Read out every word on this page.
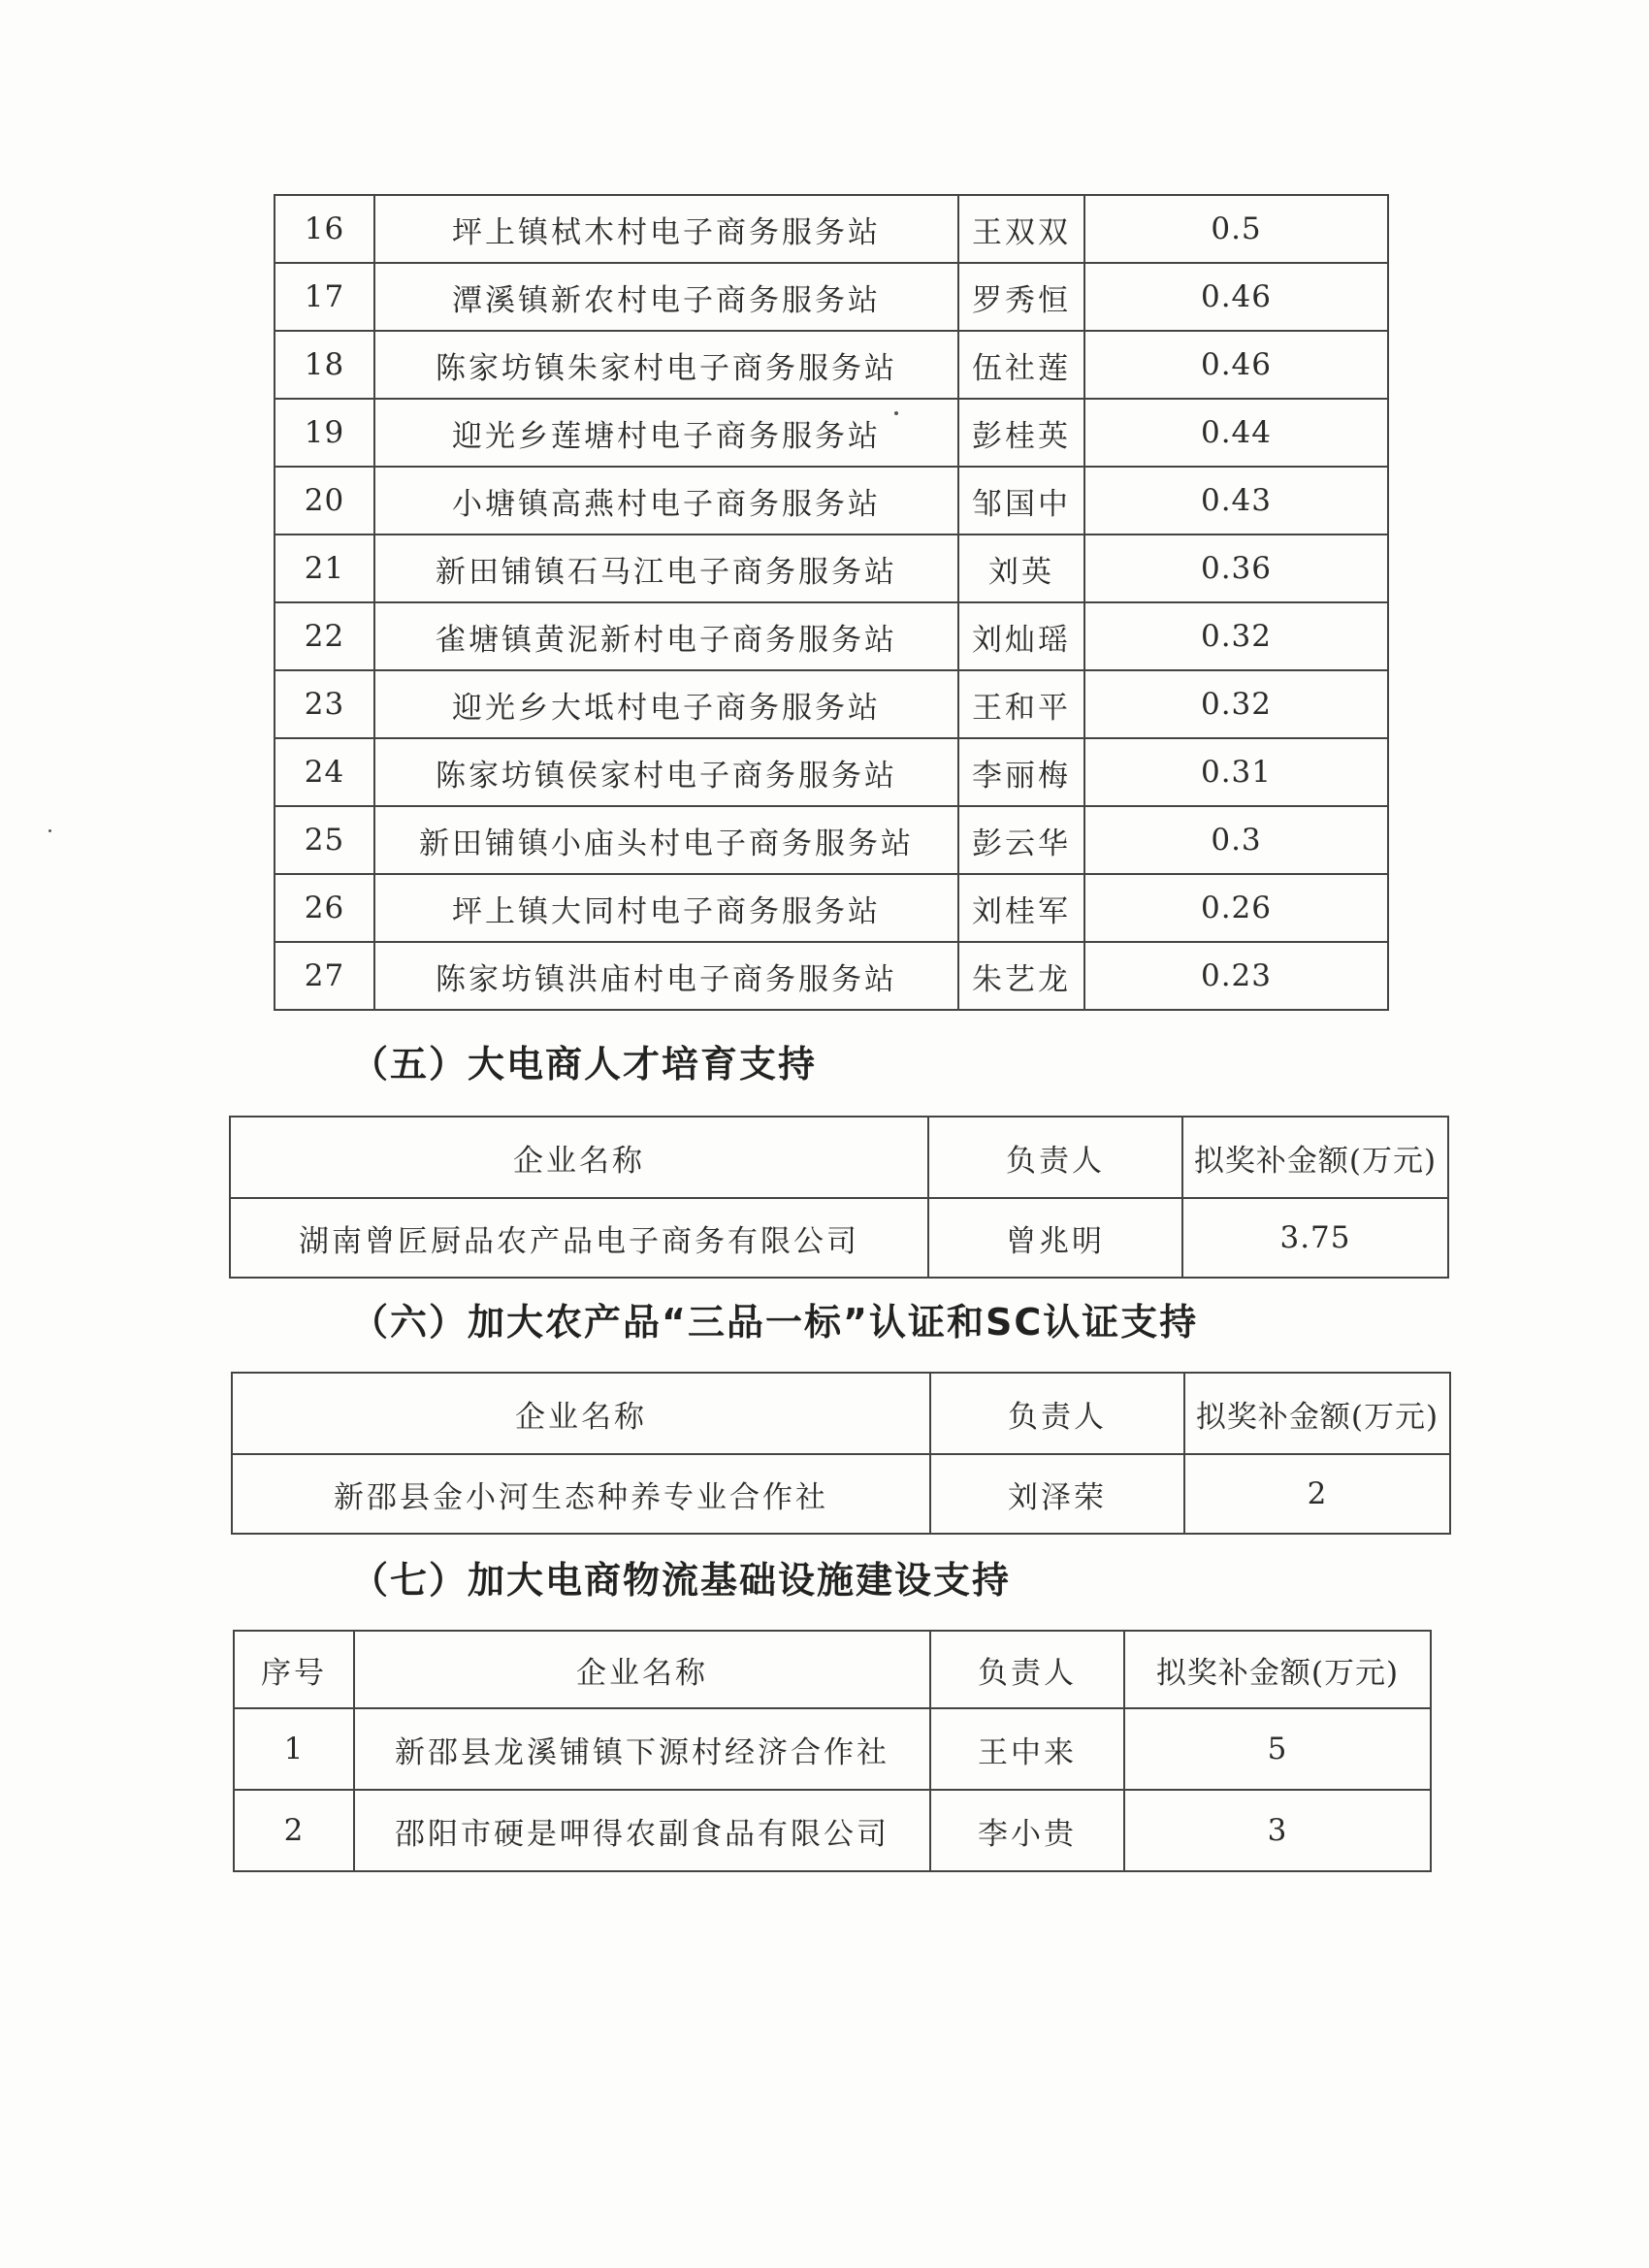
16	坪上镇栻木村电子商务服务站	王双双	0.5
17	潭溪镇新农村电子商务服务站	罗秀恒	0.46
18	陈家坊镇朱家村电子商务服务站	伍社莲	0.46
19	迎光乡莲塘村电子商务服务站	彭桂英	0.44
20	小塘镇高燕村电子商务服务站	邹国中	0.43
21	新田铺镇石马江电子商务服务站	刘英	0.36
22	雀塘镇黄泥新村电子商务服务站	刘灿瑶	0.32
23	迎光乡大坻村电子商务服务站	王和平	0.32
24	陈家坊镇侯家村电子商务服务站	李丽梅	0.31
25	新田铺镇小庙头村电子商务服务站	彭云华	0.3
26	坪上镇大同村电子商务服务站	刘桂军	0.26
27	陈家坊镇洪庙村电子商务服务站	朱艺龙	0.23
（五）大电商人才培育支持
企业名称	负责人	拟奖补金额(万元)
湖南曾匠厨品农产品电子商务有限公司	曾兆明	3.75
（六）加大农产品“三品一标”认证和SC认证支持
企业名称	负责人	拟奖补金额(万元)
新邵县金小河生态种养专业合作社	刘泽荣	2
（七）加大电商物流基础设施建设支持
序号	企业名称	负责人	拟奖补金额(万元)
1	新邵县龙溪铺镇下源村经济合作社	王中来	5
2	邵阳市硬是呷得农副食品有限公司	李小贵	3
